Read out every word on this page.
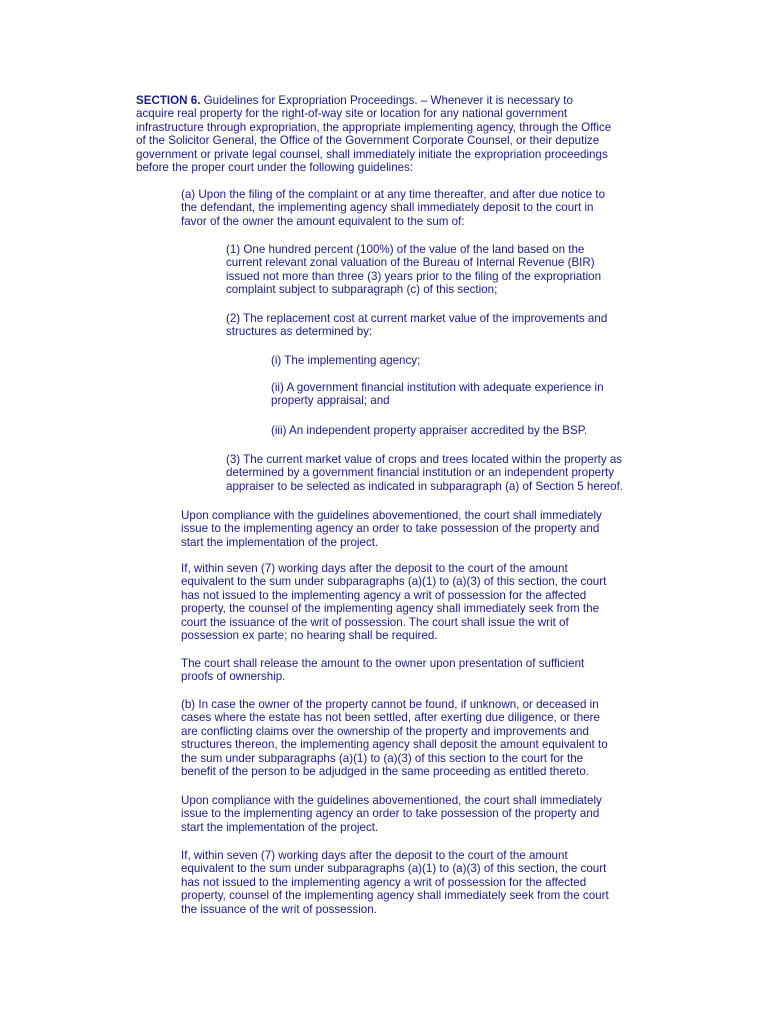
SECTION 6. Guidelines for Expropriation Proceedings. – Whenever it is necessary to
acquire real property for the right-of-way site or location for any national government
infrastructure through expropriation, the appropriate implementing agency, through the Office
of the Solicitor General, the Office of the Government Corporate Counsel, or their deputize
government or private legal counsel, shall immediately initiate the expropriation proceedings
before the proper court under the following guidelines:

(a) Upon the filing of the complaint or at any time thereafter, and after due notice to
the defendant, the implementing agency shall immediately deposit to the court in
favor of the owner the amount equivalent to the sum of:

(1) One hundred percent (100%) of the value of the land based on the
current relevant zonal valuation of the Bureau of Internal Revenue (BIR)
issued not more than three (3) years prior to the filing of the expropriation
complaint subject to subparagraph (c) of this section;

(2) The replacement cost at current market value of the improvements and
structures as determined by:

(i) The implementing agency;

(ii) A government financial institution with adequate experience in
property appraisal; and

(iii) An independent property appraiser accredited by the BSP.

(3) The current market value of crops and trees located within the property as
determined by a government financial institution or an independent property
appraiser to be selected as indicated in subparagraph (a) of Section 5 hereof.

Upon compliance with the guidelines abovementioned, the court shall immediately
issue to the implementing agency an order to take possession of the property and
start the implementation of the project.

If, within seven (7) working days after the deposit to the court of the amount
equivalent to the sum under subparagraphs (a)(1) to (a)(3) of this section, the court
has not issued to the implementing agency a writ of possession for the affected
property, the counsel of the implementing agency shall immediately seek from the
court the issuance of the writ of possession. The court shall issue the writ of
possession ex parte; no hearing shall be required.

The court shall release the amount to the owner upon presentation of sufficient
proofs of ownership.

(b) In case the owner of the property cannot be found, if unknown, or deceased in
cases where the estate has not been settled, after exerting due diligence, or there
are conflicting claims over the ownership of the property and improvements and
structures thereon, the implementing agency shall deposit the amount equivalent to
the sum under subparagraphs (a)(1) to (a)(3) of this section to the court for the
benefit of the person to be adjudged in the same proceeding as entitled thereto.

Upon compliance with the guidelines abovementioned, the court shall immediately
issue to the implementing agency an order to take possession of the property and
start the implementation of the project.

If, within seven (7) working days after the deposit to the court of the amount
equivalent to the sum under subparagraphs (a)(1) to (a)(3) of this section, the court
has not issued to the implementing agency a writ of possession for the affected
property, counsel of the implementing agency shall immediately seek from the court
the issuance of the writ of possession.
